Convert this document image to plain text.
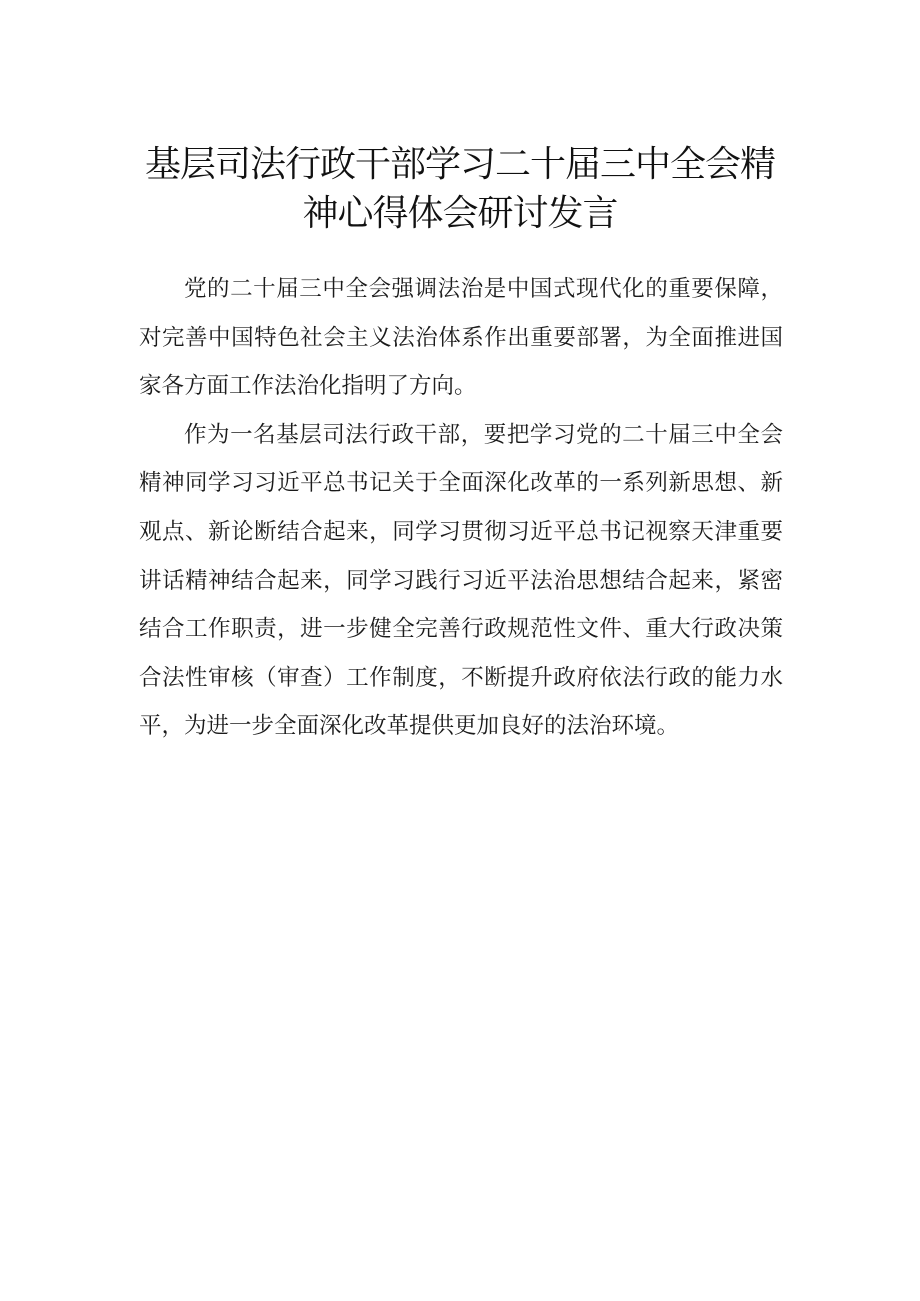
基层司法行政干部学习二十届三中全会精
神心得体会研讨发言

党的二十届三中全会强调法治是中国式现代化的重要保障，对完善中国特色社会主义法治体系作出重要部署，为全面推进国家各方面工作法治化指明了方向。

作为一名基层司法行政干部，要把学习党的二十届三中全会精神同学习习近平总书记关于全面深化改革的一系列新思想、新观点、新论断结合起来，同学习贯彻习近平总书记视察天津重要讲话精神结合起来，同学习践行习近平法治思想结合起来，紧密结合工作职责，进一步健全完善行政规范性文件、重大行政决策合法性审核（审查）工作制度，不断提升政府依法行政的能力水平，为进一步全面深化改革提供更加良好的法治环境。
